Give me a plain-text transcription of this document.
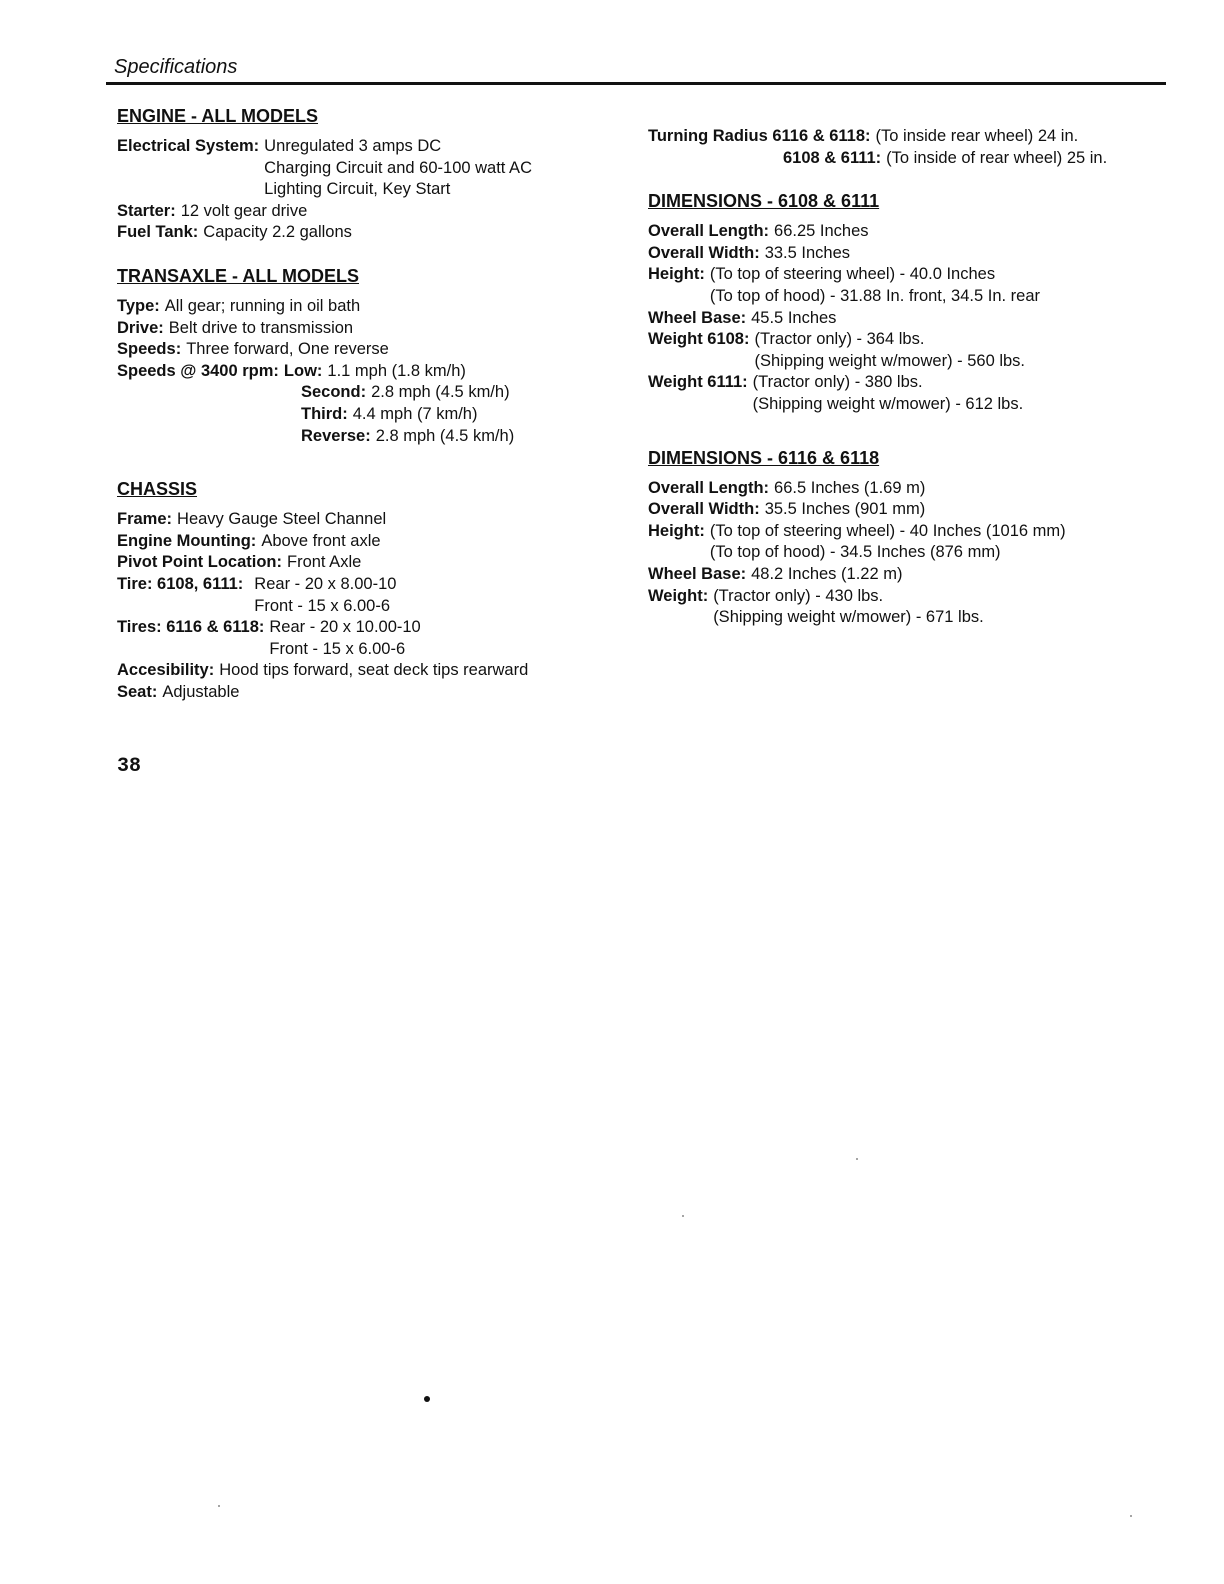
Specifications
ENGINE - ALL MODELS
Electrical System: Unregulated 3 amps DC
Charging Circuit and 60-100 watt AC
Lighting Circuit, Key Start
Starter: 12 volt gear drive
Fuel Tank: Capacity 2.2 gallons
TRANSAXLE - ALL MODELS
Type: All gear; running in oil bath
Drive: Belt drive to transmission
Speeds: Three forward, One reverse
Speeds @ 3400 rpm: Low: 1.1 mph (1.8 km/h)
Second: 2.8 mph (4.5 km/h)
Third: 4.4 mph (7 km/h)
Reverse: 2.8 mph (4.5 km/h)
CHASSIS
Frame: Heavy Gauge Steel Channel
Engine Mounting: Above front axle
Pivot Point Location: Front Axle
Tire: 6108, 6111: Rear - 20 x 8.00-10
Front - 15 x 6.00-6
Tires: 6116 & 6118: Rear - 20 x 10.00-10
Front - 15 x 6.00-6
Accesibility: Hood tips forward, seat deck tips rearward
Seat: Adjustable
Turning Radius 6116 & 6118: (To inside rear wheel) 24 in.
6108 & 6111: (To inside of rear wheel) 25 in.
DIMENSIONS - 6108 & 6111
Overall Length: 66.25 Inches
Overall Width: 33.5 Inches
Height: (To top of steering wheel) - 40.0 Inches
(To top of hood) - 31.88 In. front, 34.5 In. rear
Wheel Base: 45.5 Inches
Weight 6108: (Tractor only) - 364 lbs.
(Shipping weight w/mower) - 560 lbs.
Weight 6111: (Tractor only) - 380 lbs.
(Shipping weight w/mower) - 612 lbs.
DIMENSIONS - 6116 & 6118
Overall Length: 66.5 Inches (1.69 m)
Overall Width: 35.5 Inches (901 mm)
Height: (To top of steering wheel) - 40 Inches (1016 mm)
(To top of hood) - 34.5 Inches (876 mm)
Wheel Base: 48.2 Inches (1.22 m)
Weight: (Tractor only) - 430 lbs.
(Shipping weight w/mower) - 671 lbs.
38
